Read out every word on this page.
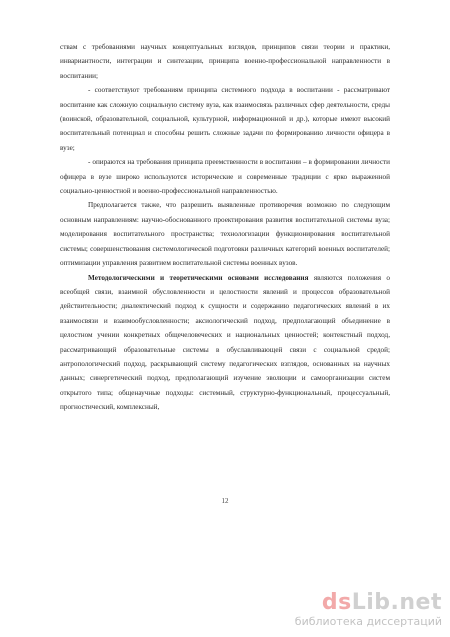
ствам с требованиями научных концептуальных взглядов, принципов связи теории и практики, инвариантности, интеграции и синтезации, принципа военно-профессиональной направленности в воспитании;

- соответствуют требованиям принципа системного подхода в воспитании - рассматривают воспитание как сложную социальную систему вуза, как взаимосвязь различных сфер деятельности, среды (воинской, образовательной, социальной, культурной, информационной и др.), которые имеют высокий воспитательный потенциал и способны решить сложные задачи по формированию личности офицера в вузе;

- опираются на требования принципа преемственности в воспитании – в формировании личности офицера в вузе широко используются исторические и современные традиции с ярко выраженной социально-ценностной и военно-профессиональной направленностью.

Предполагается также, что разрешить выявленные противоречия возможно по следующим основным направлениям: научно-обоснованного проектирования развития воспитательной системы вуза; моделирования воспитательного пространства; технологизации функционирования воспитательной системы; совершенствования системологической подготовки различных категорий военных воспитателей; оптимизации управления развитием воспитательной системы военных вузов.

Методологическими и теоретическими основами исследования являются положения о всеобщей связи, взаимной обусловленности и целостности явлений и процессов образовательной действительности; диалектический подход к сущности и содержанию педагогических явлений в их взаимосвязи и взаимообусловленности; аксиологический подход, предполагающий объединение в целостном учении конкретных общечеловеческих и национальных ценностей; контекстный подход, рассматривающий образовательные системы в обуславливающей связи с социальной средой; антропологический подход, раскрывающий систему педагогических взглядов, основанных на научных данных; синергетический подход, предполагающий изучение эволюции и самоорганизации систем открытого типа; общенаучные подходы: системный, структурно-функциональный, процессуальный, прогностический, комплексный,

12
dsLib.net
библиотека диссертаций
